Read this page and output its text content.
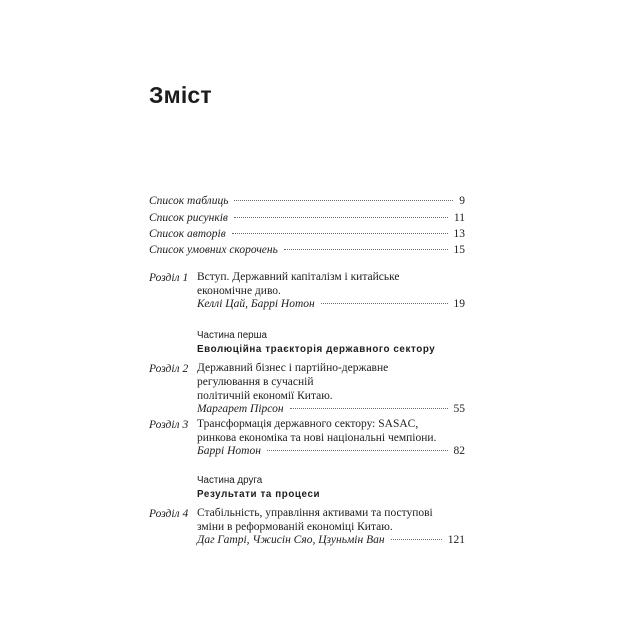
Зміст
Список таблиць	9
Список рисунків	11
Список авторів	13
Список умовних скорочень	15
Розділ 1 Вступ. Державний капіталізм і китайське
економічне диво.
Келлі Цай, Баррі Нотон	19
Частина перша
Еволюційна траєкторія державного сектору
Розділ 2 Державний бізнес і партійно-державне
регулювання в сучасній
політичній економії Китаю.
Маргарет Пірсон	55
Розділ 3 Трансформація державного сектору: SASAC,
ринкова економіка та нові національні чемпіони.
Баррі Нотон	82
Частина друга
Результати та процеси
Розділ 4 Стабільність, управління активами та поступові
зміни в реформованій економіці Китаю.
Даг Гатрі, Чжисін Сяо, Цзуньмін Ван	121
